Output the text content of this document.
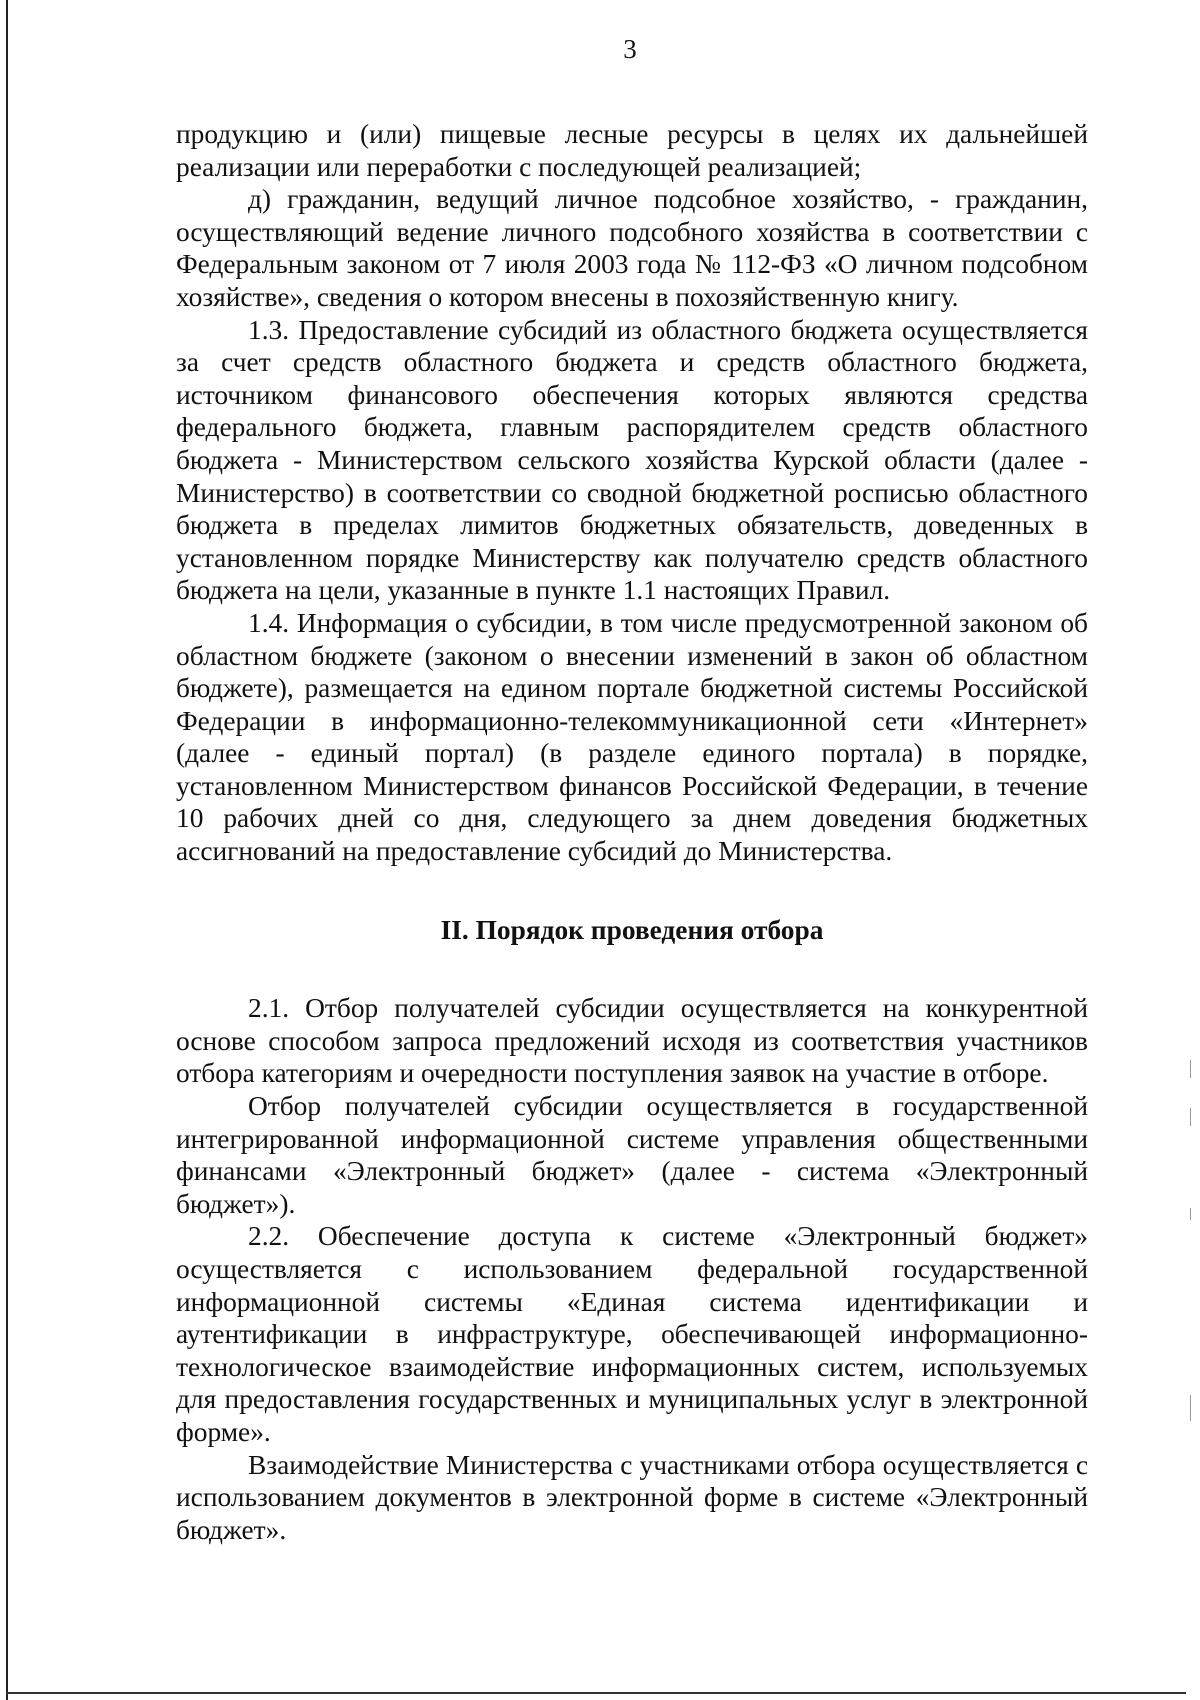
3

продукцию и (или) пищевые лесные ресурсы в целях их дальнейшей реализации или переработки с последующей реализацией;

д) гражданин, ведущий личное подсобное хозяйство, - гражданин, осуществляющий ведение личного подсобного хозяйства в соответствии с Федеральным законом от 7 июля 2003 года № 112-ФЗ «О личном подсобном хозяйстве», сведения о котором внесены в похозяйственную книгу.

1.3. Предоставление субсидий из областного бюджета осуществляется за счет средств областного бюджета и средств областного бюджета, источником финансового обеспечения которых являются средства федерального бюджета, главным распорядителем средств областного бюджета - Министерством сельского хозяйства Курской области (далее - Министерство) в соответствии со сводной бюджетной росписью областного бюджета в пределах лимитов бюджетных обязательств, доведенных в установленном порядке Министерству как получателю средств областного бюджета на цели, указанные в пункте 1.1 настоящих Правил.

1.4. Информация о субсидии, в том числе предусмотренной законом об областном бюджете (законом о внесении изменений в закон об областном бюджете), размещается на едином портале бюджетной системы Российской Федерации в информационно-телекоммуникационной сети «Интернет» (далее - единый портал) (в разделе единого портала) в порядке, установленном Министерством финансов Российской Федерации, в течение 10 рабочих дней со дня, следующего за днем доведения бюджетных ассигнований на предоставление субсидий до Министерства.

II. Порядок проведения отбора

2.1. Отбор получателей субсидии осуществляется на конкурентной основе способом запроса предложений исходя из соответствия участников отбора категориям и очередности поступления заявок на участие в отборе.

Отбор получателей субсидии осуществляется в государственной интегрированной информационной системе управления общественными финансами «Электронный бюджет» (далее - система «Электронный бюджет»).

2.2. Обеспечение доступа к системе «Электронный бюджет» осуществляется с использованием федеральной государственной информационной системы «Единая система идентификации и аутентификации в инфраструктуре, обеспечивающей информационно-технологическое взаимодействие информационных систем, используемых для предоставления государственных и муниципальных услуг в электронной форме».

Взаимодействие Министерства с участниками отбора осуществляется с использованием документов в электронной форме в системе «Электронный бюджет».
